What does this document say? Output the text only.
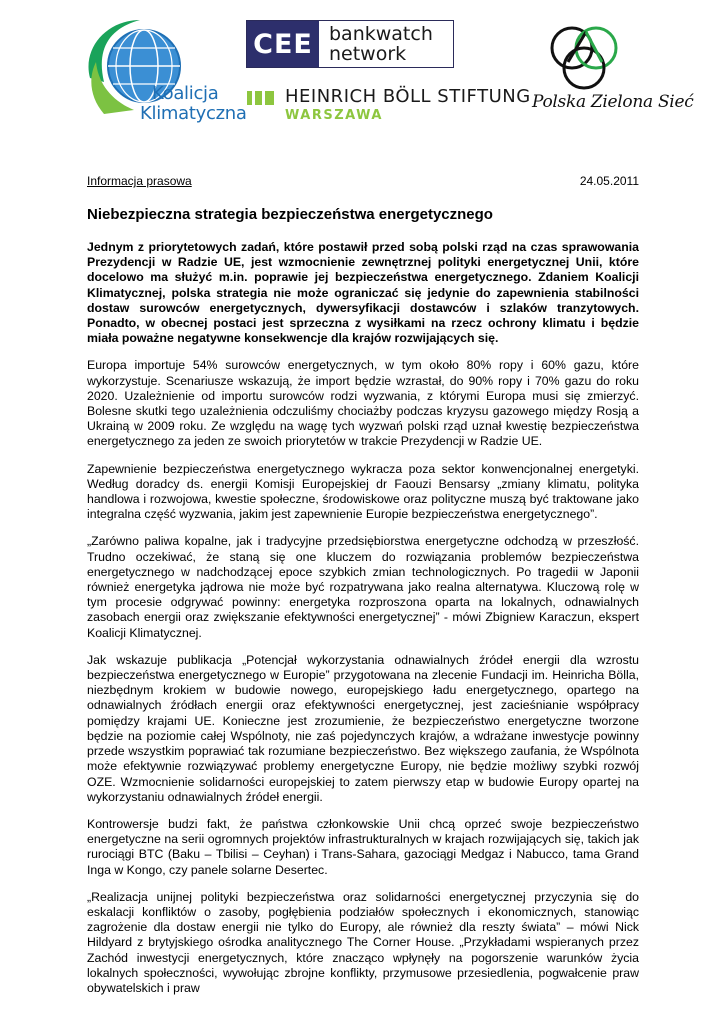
Koalicja
Klimatyczna
CEE bankwatch
network
HEINRICH BÖLL STIFTUNG
WARSZAWA
Polska Zielona Sieć
Informacja prasowa	24.05.2011
Niebezpieczna strategia bezpieczeństwa energetycznego

Jednym z priorytetowych zadań, które postawił przed sobą polski rząd na czas sprawowania Prezydencji w Radzie UE, jest wzmocnienie zewnętrznej polityki energetycznej Unii, które docelowo ma służyć m.in. poprawie jej bezpieczeństwa energetycznego. Zdaniem Koalicji Klimatycznej, polska strategia nie może ograniczać się jedynie do zapewnienia stabilności dostaw surowców energetycznych, dywersyfikacji dostawców i szlaków tranzytowych. Ponadto, w obecnej postaci jest sprzeczna z wysiłkami na rzecz ochrony klimatu i będzie miała poważne negatywne konsekwencje dla krajów rozwijających się.

Europa importuje 54% surowców energetycznych, w tym około 80% ropy i 60% gazu, które wykorzystuje. Scenariusze wskazują, że import będzie wzrastał, do 90% ropy i 70% gazu do roku 2020. Uzależnienie od importu surowców rodzi wyzwania, z którymi Europa musi się zmierzyć. Bolesne skutki tego uzależnienia odczuliśmy chociażby podczas kryzysu gazowego między Rosją a Ukrainą w 2009 roku. Ze względu na wagę tych wyzwań polski rząd uznał kwestię bezpieczeństwa energetycznego za jeden ze swoich priorytetów w trakcie Prezydencji w Radzie UE.

Zapewnienie bezpieczeństwa energetycznego wykracza poza sektor konwencjonalnej energetyki. Według doradcy ds. energii Komisji Europejskiej dr Faouzi Bensarsy „zmiany klimatu, polityka handlowa i rozwojowa, kwestie społeczne, środowiskowe oraz polityczne muszą być traktowane jako integralna część wyzwania, jakim jest zapewnienie Europie bezpieczeństwa energetycznego”.

„Zarówno paliwa kopalne, jak i tradycyjne przedsiębiorstwa energetyczne odchodzą w przeszłość. Trudno oczekiwać, że staną się one kluczem do rozwiązania problemów bezpieczeństwa energetycznego w nadchodzącej epoce szybkich zmian technologicznych. Po tragedii w Japonii również energetyka jądrowa nie może być rozpatrywana jako realna alternatywa. Kluczową rolę w tym procesie odgrywać powinny: energetyka rozproszona oparta na lokalnych, odnawialnych zasobach energii oraz zwiększanie efektywności energetycznej” - mówi Zbigniew Karaczun, ekspert Koalicji Klimatycznej.

Jak wskazuje publikacja „Potencjał wykorzystania odnawialnych źródeł energii dla wzrostu bezpieczeństwa energetycznego w Europie” przygotowana na zlecenie Fundacji im. Heinricha Bölla, niezbędnym krokiem w budowie nowego, europejskiego ładu energetycznego, opartego na odnawialnych źródłach energii oraz efektywności energetycznej, jest zacieśnianie współpracy pomiędzy krajami UE. Konieczne jest zrozumienie, że bezpieczeństwo energetyczne tworzone będzie na poziomie całej Wspólnoty, nie zaś pojedynczych krajów, a wdrażane inwestycje powinny przede wszystkim poprawiać tak rozumiane bezpieczeństwo. Bez większego zaufania, że Wspólnota może efektywnie rozwiązywać problemy energetyczne Europy, nie będzie możliwy szybki rozwój OZE. Wzmocnienie solidarności europejskiej to zatem pierwszy etap w budowie Europy opartej na wykorzystaniu odnawialnych źródeł energii.

Kontrowersje budzi fakt, że państwa członkowskie Unii chcą oprzeć swoje bezpieczeństwo energetyczne na serii ogromnych projektów infrastrukturalnych w krajach rozwijających się, takich jak rurociągi BTC (Baku – Tbilisi – Ceyhan) i Trans-Sahara, gazociągi Medgaz i Nabucco, tama Grand Inga w Kongo, czy panele solarne Desertec.

„Realizacja unijnej polityki bezpieczeństwa oraz solidarności energetycznej przyczynia się do eskalacji konfliktów o zasoby, pogłębienia podziałów społecznych i ekonomicznych, stanowiąc zagrożenie dla dostaw energii nie tylko do Europy, ale również dla reszty świata” – mówi Nick Hildyard z brytyjskiego ośrodka analitycznego The Corner House. „Przykładami wspieranych przez Zachód inwestycji energetycznych, które znacząco wpłynęły na pogorszenie warunków życia lokalnych społeczności, wywołując zbrojne konflikty, przymusowe przesiedlenia, pogwałcenie praw obywatelskich i praw
